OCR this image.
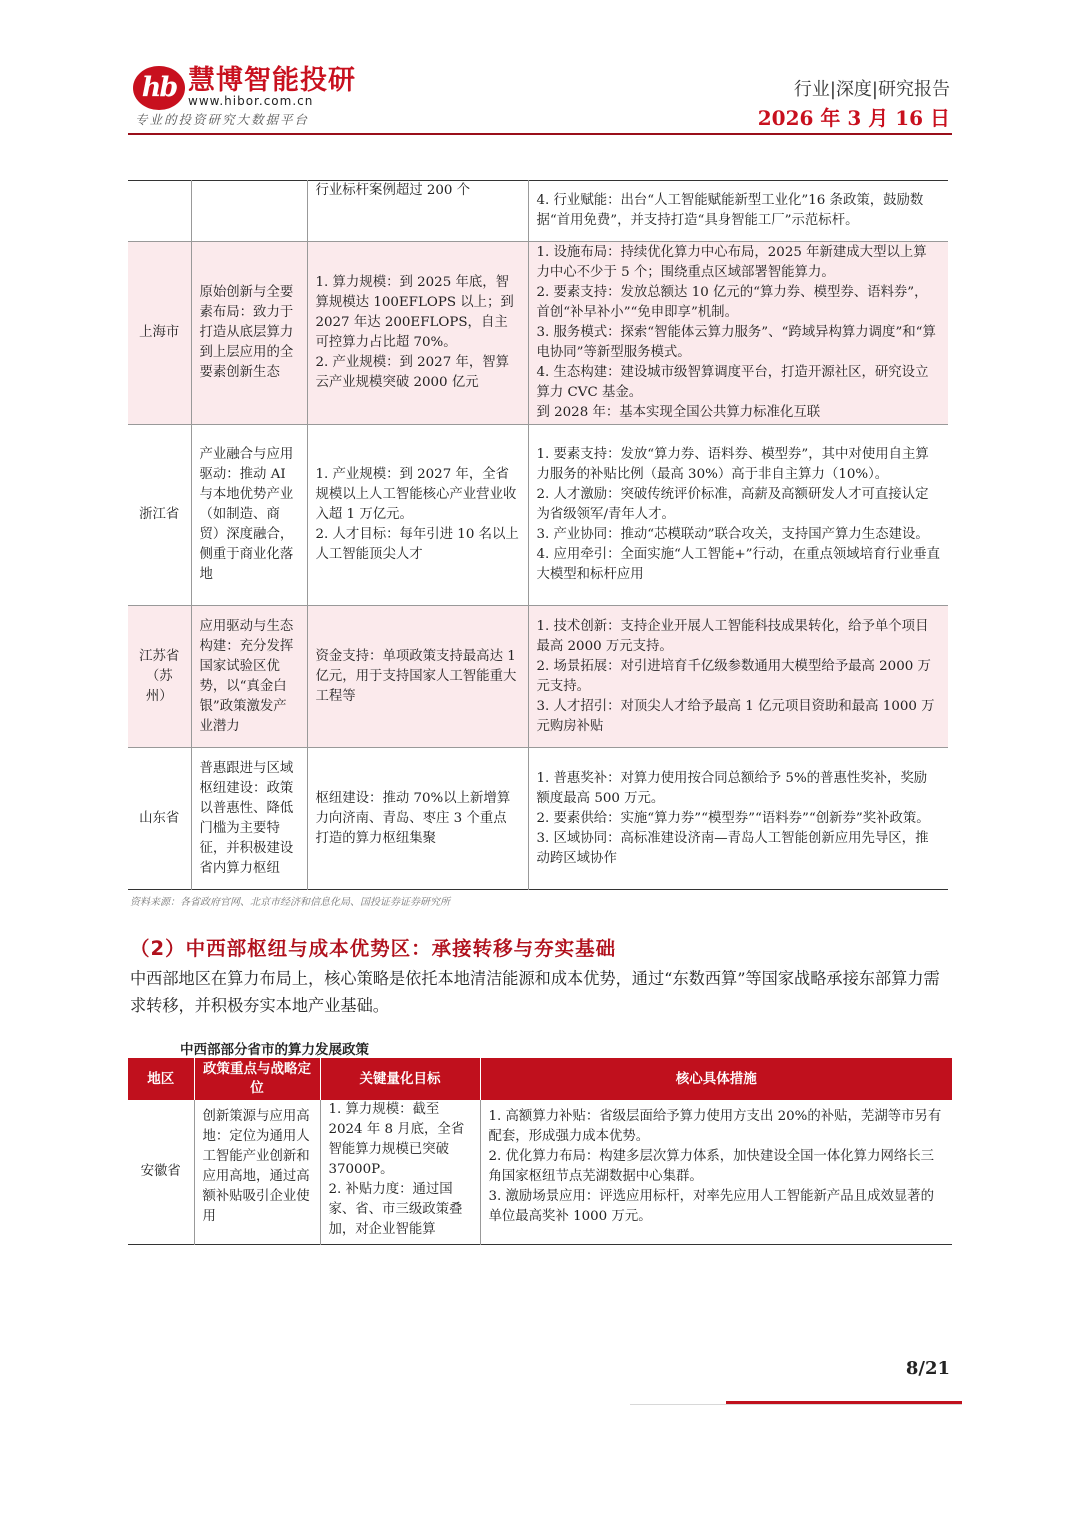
hb 慧博智能投研
www.hibor.com.cn
专业的投资研究大数据平台
行业|深度|研究报告
2026 年 3 月 16 日

		行业标杆案例超过 200 个	4. 行业赋能：出台“人工智能赋能新型工业化”16 条政策，鼓励数据“首用免费”，并支持打造“具身智能工厂”示范标杆。

上海市	原始创新与全要素布局：致力于打造从底层算力到上层应用的全要素创新生态	1. 算力规模：到 2025 年底，智算规模达 100EFLOPS 以上；到 2027 年达 200EFLOPS，自主可控算力占比超 70%。
2. 产业规模：到 2027 年，智算云产业规模突破 2000 亿元	1. 设施布局：持续优化算力中心布局，2025 年新建成大型以上算力中心不少于 5 个；围绕重点区域部署智能算力。
2. 要素支持：发放总额达 10 亿元的“算力券、模型券、语料券”，首创“补早补小”“免申即享”机制。
3. 服务模式：探索“智能体云算力服务”、“跨域异构算力调度”和“算电协同”等新型服务模式。
4. 生态构建：建设城市级智算调度平台，打造开源社区，研究设立算力 CVC 基金。
到 2028 年：基本实现全国公共算力标准化互联

浙江省	产业融合与应用驱动：推动 AI 与本地优势产业（如制造、商贸）深度融合，侧重于商业化落地	1. 产业规模：到 2027 年，全省规模以上人工智能核心产业营业收入超 1 万亿元。
2. 人才目标：每年引进 10 名以上人工智能顶尖人才	1. 要素支持：发放“算力券、语料券、模型券”，其中对使用自主算力服务的补贴比例（最高 30%）高于非自主算力（10%）。
2. 人才激励：突破传统评价标准，高薪及高额研发人才可直接认定为省级领军/青年人才。
3. 产业协同：推动“芯模联动”联合攻关，支持国产算力生态建设。
4. 应用牵引：全面实施“人工智能+”行动，在重点领域培育行业垂直大模型和标杆应用

江苏省（苏州）	应用驱动与生态构建：充分发挥国家试验区优势，以“真金白银”政策激发产业潜力	资金支持：单项政策支持最高达 1 亿元，用于支持国家人工智能重大工程等	1. 技术创新：支持企业开展人工智能科技成果转化，给予单个项目最高 2000 万元支持。
2. 场景拓展：对引进培育千亿级参数通用大模型给予最高 2000 万元支持。
3. 人才招引：对顶尖人才给予最高 1 亿元项目资助和最高 1000 万元购房补贴

山东省	普惠跟进与区域枢纽建设：政策以普惠性、降低门槛为主要特征，并积极建设省内算力枢纽	枢纽建设：推动 70%以上新增算力向济南、青岛、枣庄 3 个重点打造的算力枢纽集聚	1. 普惠奖补：对算力使用按合同总额给予 5%的普惠性奖补，奖励额度最高 500 万元。
2. 要素供给：实施“算力券”“模型券”“语料券”“创新券”奖补政策。
3. 区域协同：高标准建设济南—青岛人工智能创新应用先导区，推动跨区域协作
资料来源：各省政府官网、北京市经济和信息化局、国投证券证券研究所
（2）中西部枢纽与成本优势区：承接转移与夯实基础
中西部地区在算力布局上，核心策略是依托本地清洁能源和成本优势，通过“东数西算”等国家战略承接东部算力需求转移，并积极夯实本地产业基础。
中西部部分省市的算力发展政策
地区	政策重点与战略定位	关键量化目标	核心具体措施
安徽省	创新策源与应用高地：定位为通用人工智能产业创新和应用高地，通过高额补贴吸引企业使用	1. 算力规模：截至 2024 年 8 月底，全省智能算力规模已突破 37000P。
2. 补贴力度：通过国家、省、市三级政策叠加，对企业智能算	1. 高额算力补贴：省级层面给予算力使用方支出 20%的补贴，芜湖等市另有配套，形成强力成本优势。
2. 优化算力布局：构建多层次算力体系，加快建设全国一体化算力网络长三角国家枢纽节点芜湖数据中心集群。
3. 激励场景应用：评选应用标杆，对率先应用人工智能新产品且成效显著的单位最高奖补 1000 万元。
8/21
